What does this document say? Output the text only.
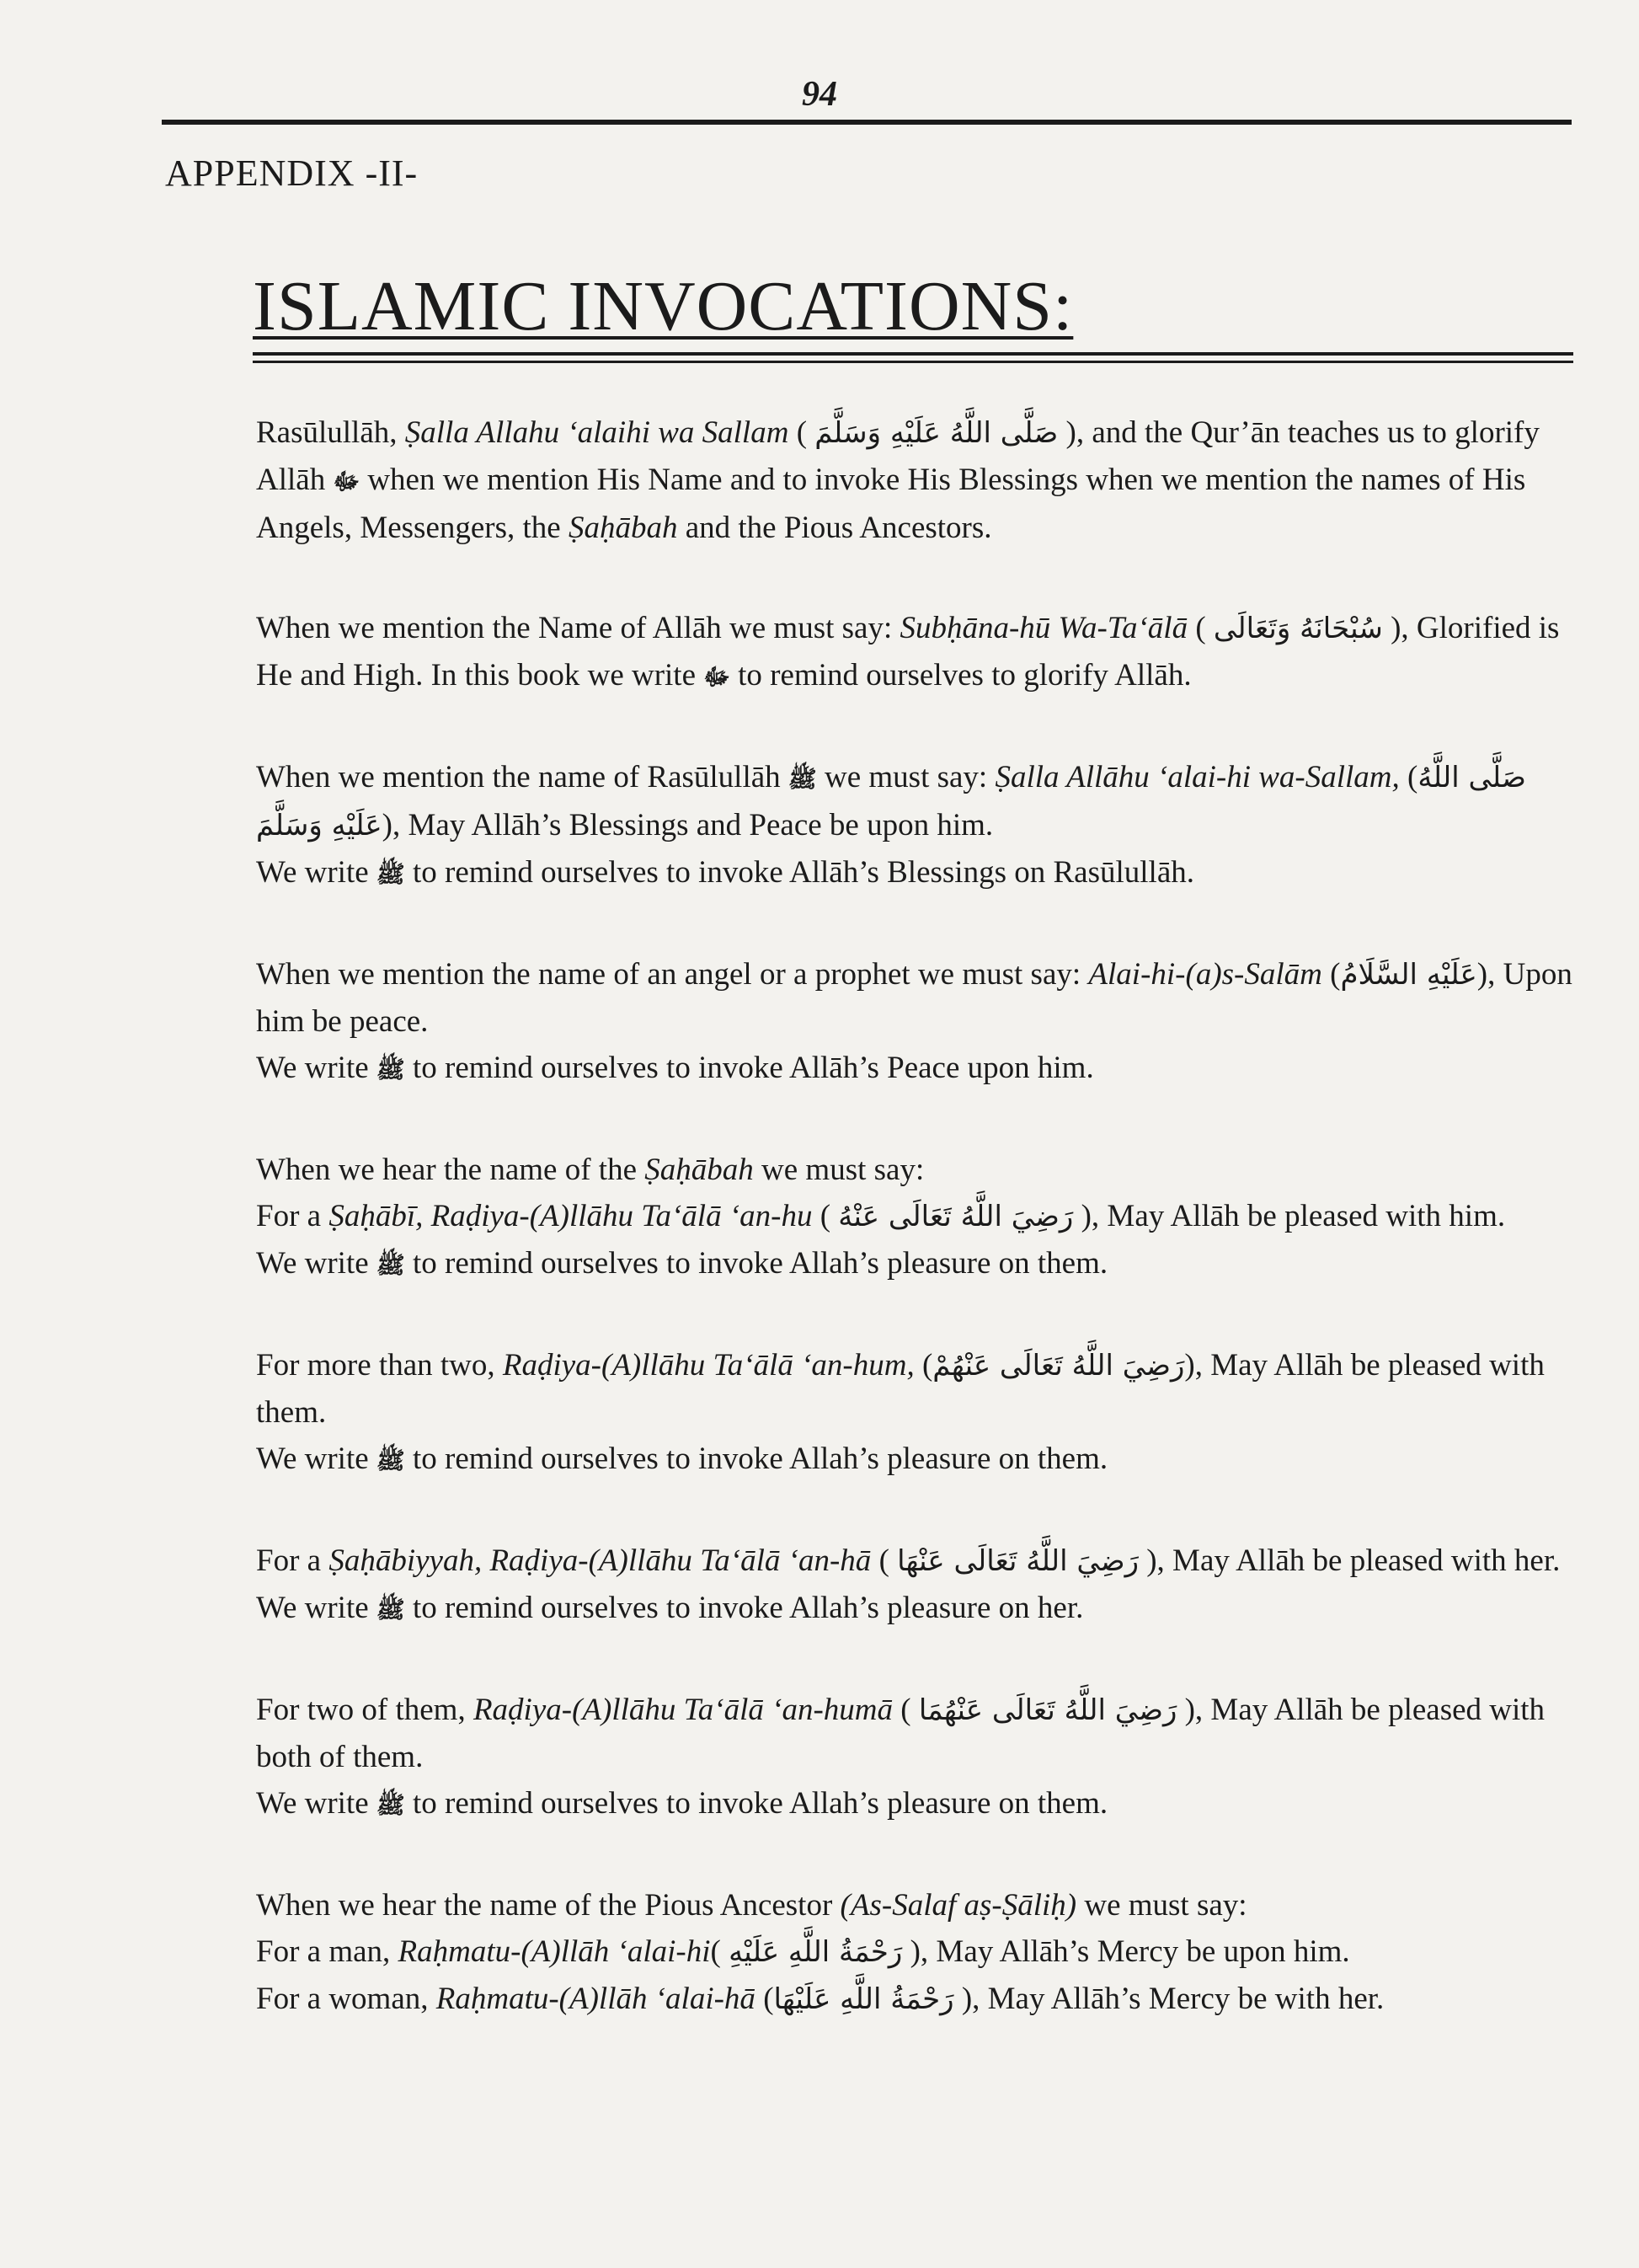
94
APPENDIX -II-
ISLAMIC INVOCATIONS:

Rasūlullāh, Ṣalla Allahu ‘alaihi wa Sallam ( صَلَّى اللَّهُ عَلَيْهِ وَسَلَّمَ ), and the Qur’ān teaches us to glorify Allāh ﷻ when we mention His Name and to invoke His Blessings when we mention the names of His Angels, Messengers, the Ṣaḥābah and the Pious Ancestors.

When we mention the Name of Allāh we must say: Subḥāna-hū Wa-Ta‘ālā ( سُبْحَانَهُ وَتَعَالَى ), Glorified is He and High. In this book we write ﷻ to remind ourselves to glorify Allāh.

When we mention the name of Rasūlullāh ﷺ we must say: Ṣalla Allāhu ‘alai-hi wa-Sallam, (صَلَّى اللَّهُ عَلَيْهِ وَسَلَّمَ), May Allāh’s Blessings and Peace be upon him.

We write ﷺ to remind ourselves to invoke Allāh’s Blessings on Rasūlullāh.

When we mention the name of an angel or a prophet we must say: Alai-hi-(a)s-Salām (عَلَيْهِ السَّلَامُ), Upon him be peace.

We write ﷺ to remind ourselves to invoke Allāh’s Peace upon him.

When we hear the name of the Ṣaḥābah we must say:

For a Ṣaḥābī, Raḍiya-(A)llāhu Ta‘ālā ‘an-hu ( رَضِيَ اللَّهُ تَعَالَى عَنْهُ ), May Allāh be pleased with him.

We write ﷺ to remind ourselves to invoke Allah’s pleasure on them.

For more than two, Raḍiya-(A)llāhu Ta‘ālā ‘an-hum, (رَضِيَ اللَّهُ تَعَالَى عَنْهُمْ), May Allāh be pleased with them.

We write ﷺ to remind ourselves to invoke Allah’s pleasure on them.

For a Ṣaḥābiyyah, Raḍiya-(A)llāhu Ta‘ālā ‘an-hā ( رَضِيَ اللَّهُ تَعَالَى عَنْهَا ), May Allāh be pleased with her.

We write ﷺ to remind ourselves to invoke Allah’s pleasure on her.

For two of them, Raḍiya-(A)llāhu Ta‘ālā ‘an-humā ( رَضِيَ اللَّهُ تَعَالَى عَنْهُمَا ), May Allāh be pleased with both of them.

We write ﷺ to remind ourselves to invoke Allah’s pleasure on them.

When we hear the name of the Pious Ancestor (As-Salaf aṣ-Ṣāliḥ) we must say:

For a man, Raḥmatu-(A)llāh ‘alai-hi( رَحْمَةُ اللَّهِ عَلَيْهِ ), May Allāh’s Mercy be upon him.

For a woman, Raḥmatu-(A)llāh ‘alai-hā (رَحْمَةُ اللَّهِ عَلَيْهَا ), May Allāh’s Mercy be with her.
